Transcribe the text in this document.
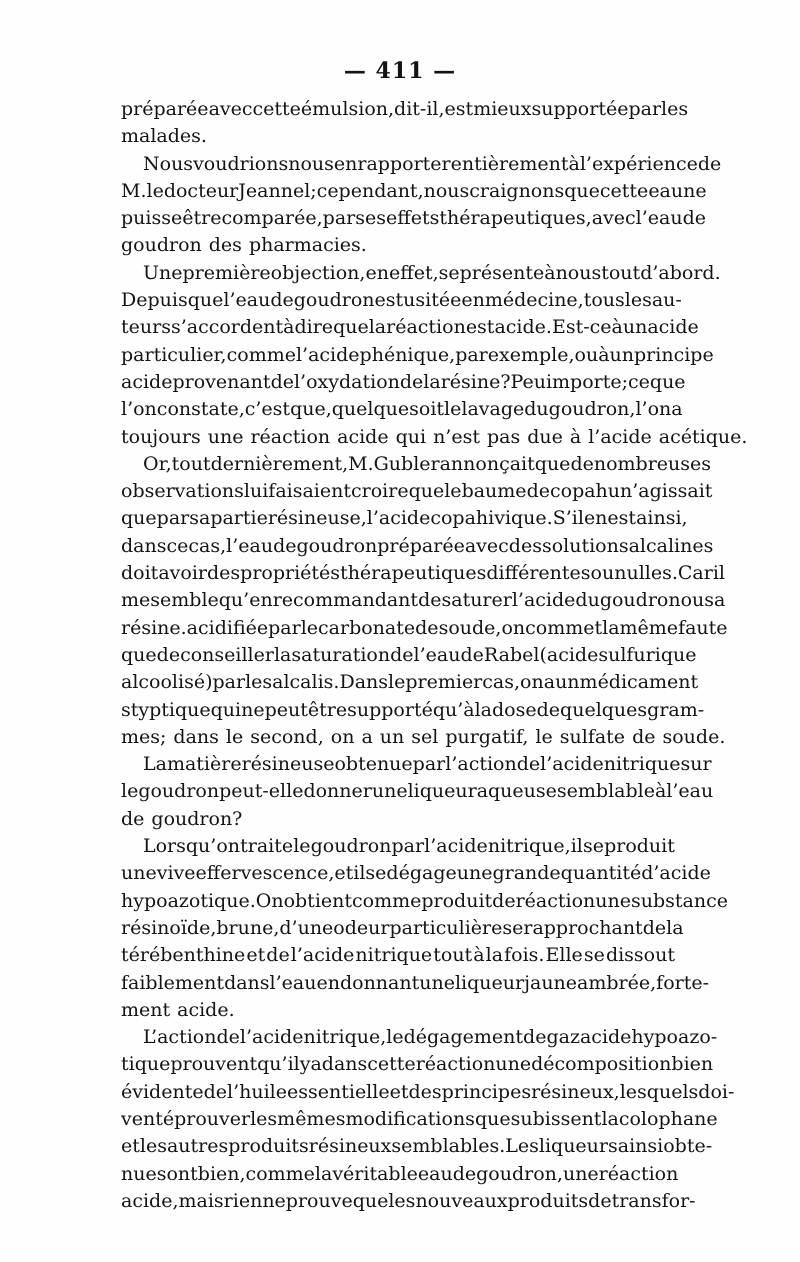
— 411 —
préparée avec cette émulsion, dit-il, est mieux supportée par les
malades.
Nous voudrions nous en rapporter entièrement à l’expérience de
M. le docteur Jeannel; cependant, nous craignons que cette eau ne
puisse être comparée, par ses effets thérapeutiques, avec l’eau de
goudron des pharmacies.
Une première objection, en effet, se présente à nous tout d’abord.
Depuis que l’eau de goudron est usitée en médecine, tous les au-
teurs s’accordent à dire que la réaction est acide. Est-ce à un acide
particulier, comme l’acide phénique, par exemple, ou à un principe
acide provenant de l’oxydation de la résine? Peu importe; ce que
l’on constate, c’est que, quel que soit le lavage du goudron, l’on a
toujours une réaction acide qui n’est pas due à l’acide acétique.
Or, tout dernièrement, M. Gubler annonçait que de nombreuses
observations lui faisaient croire que le baume de copahu n’agissait
que par sa partie résineuse, l’acide copahivique. S’il en est ainsi,
dans ce cas, l’eau de goudron préparée avec des solutions alcalines
doit avoir des propriétés thérapeutiques différentes ou nulles. Car il
me semble qu’en recommandant de saturer l’acide du goudron ou sa
résine.acidifiée par le carbonate de soude, on commet la même faute
que de conseiller la saturation de l’eau de Rabel (acide sulfurique
alcoolisé) par les alcalis. Dans le premier cas, on a un médicament
styptique qui ne peut être supporté qu’à la dose de quelques gram-
mes; dans le second, on a un sel purgatif, le sulfate de soude.
La matière résineuse obtenue par l’action de l’acide nitrique sur
le goudron peut-elle donner une liqueur aqueuse semblable à l’eau
de goudron?
Lorsqu’on traite le goudron par l’acide nitrique, il se produit
une vive effervescence, et il se dégage une grande quantité d’acide
hypoazotique. On obtient comme produit de réaction une substance
résinoïde, brune, d’une odeur particulière se rapprochant de la
térébenthine et de l’acide nitrique tout à la fois. Elle se dissout
faiblement dans l’eau en donnant une liqueur jaune ambrée, forte-
ment acide.
L’action de l’acide nitrique, le dégagement de gaz acide hypoazo-
tique prouvent qu’il y a dans cette réaction une décomposition bien
évidente de l’huile essentielle et des principes résineux, lesquels doi-
vent éprouver les mêmes modifications que subissent la colophane
et les autres produits résineux semblables. Les liqueurs ainsi obte-
nues ont bien, comme la véritable eau de goudron, une réaction
acide, mais rien ne prouve que les nouveaux produits de transfor-
